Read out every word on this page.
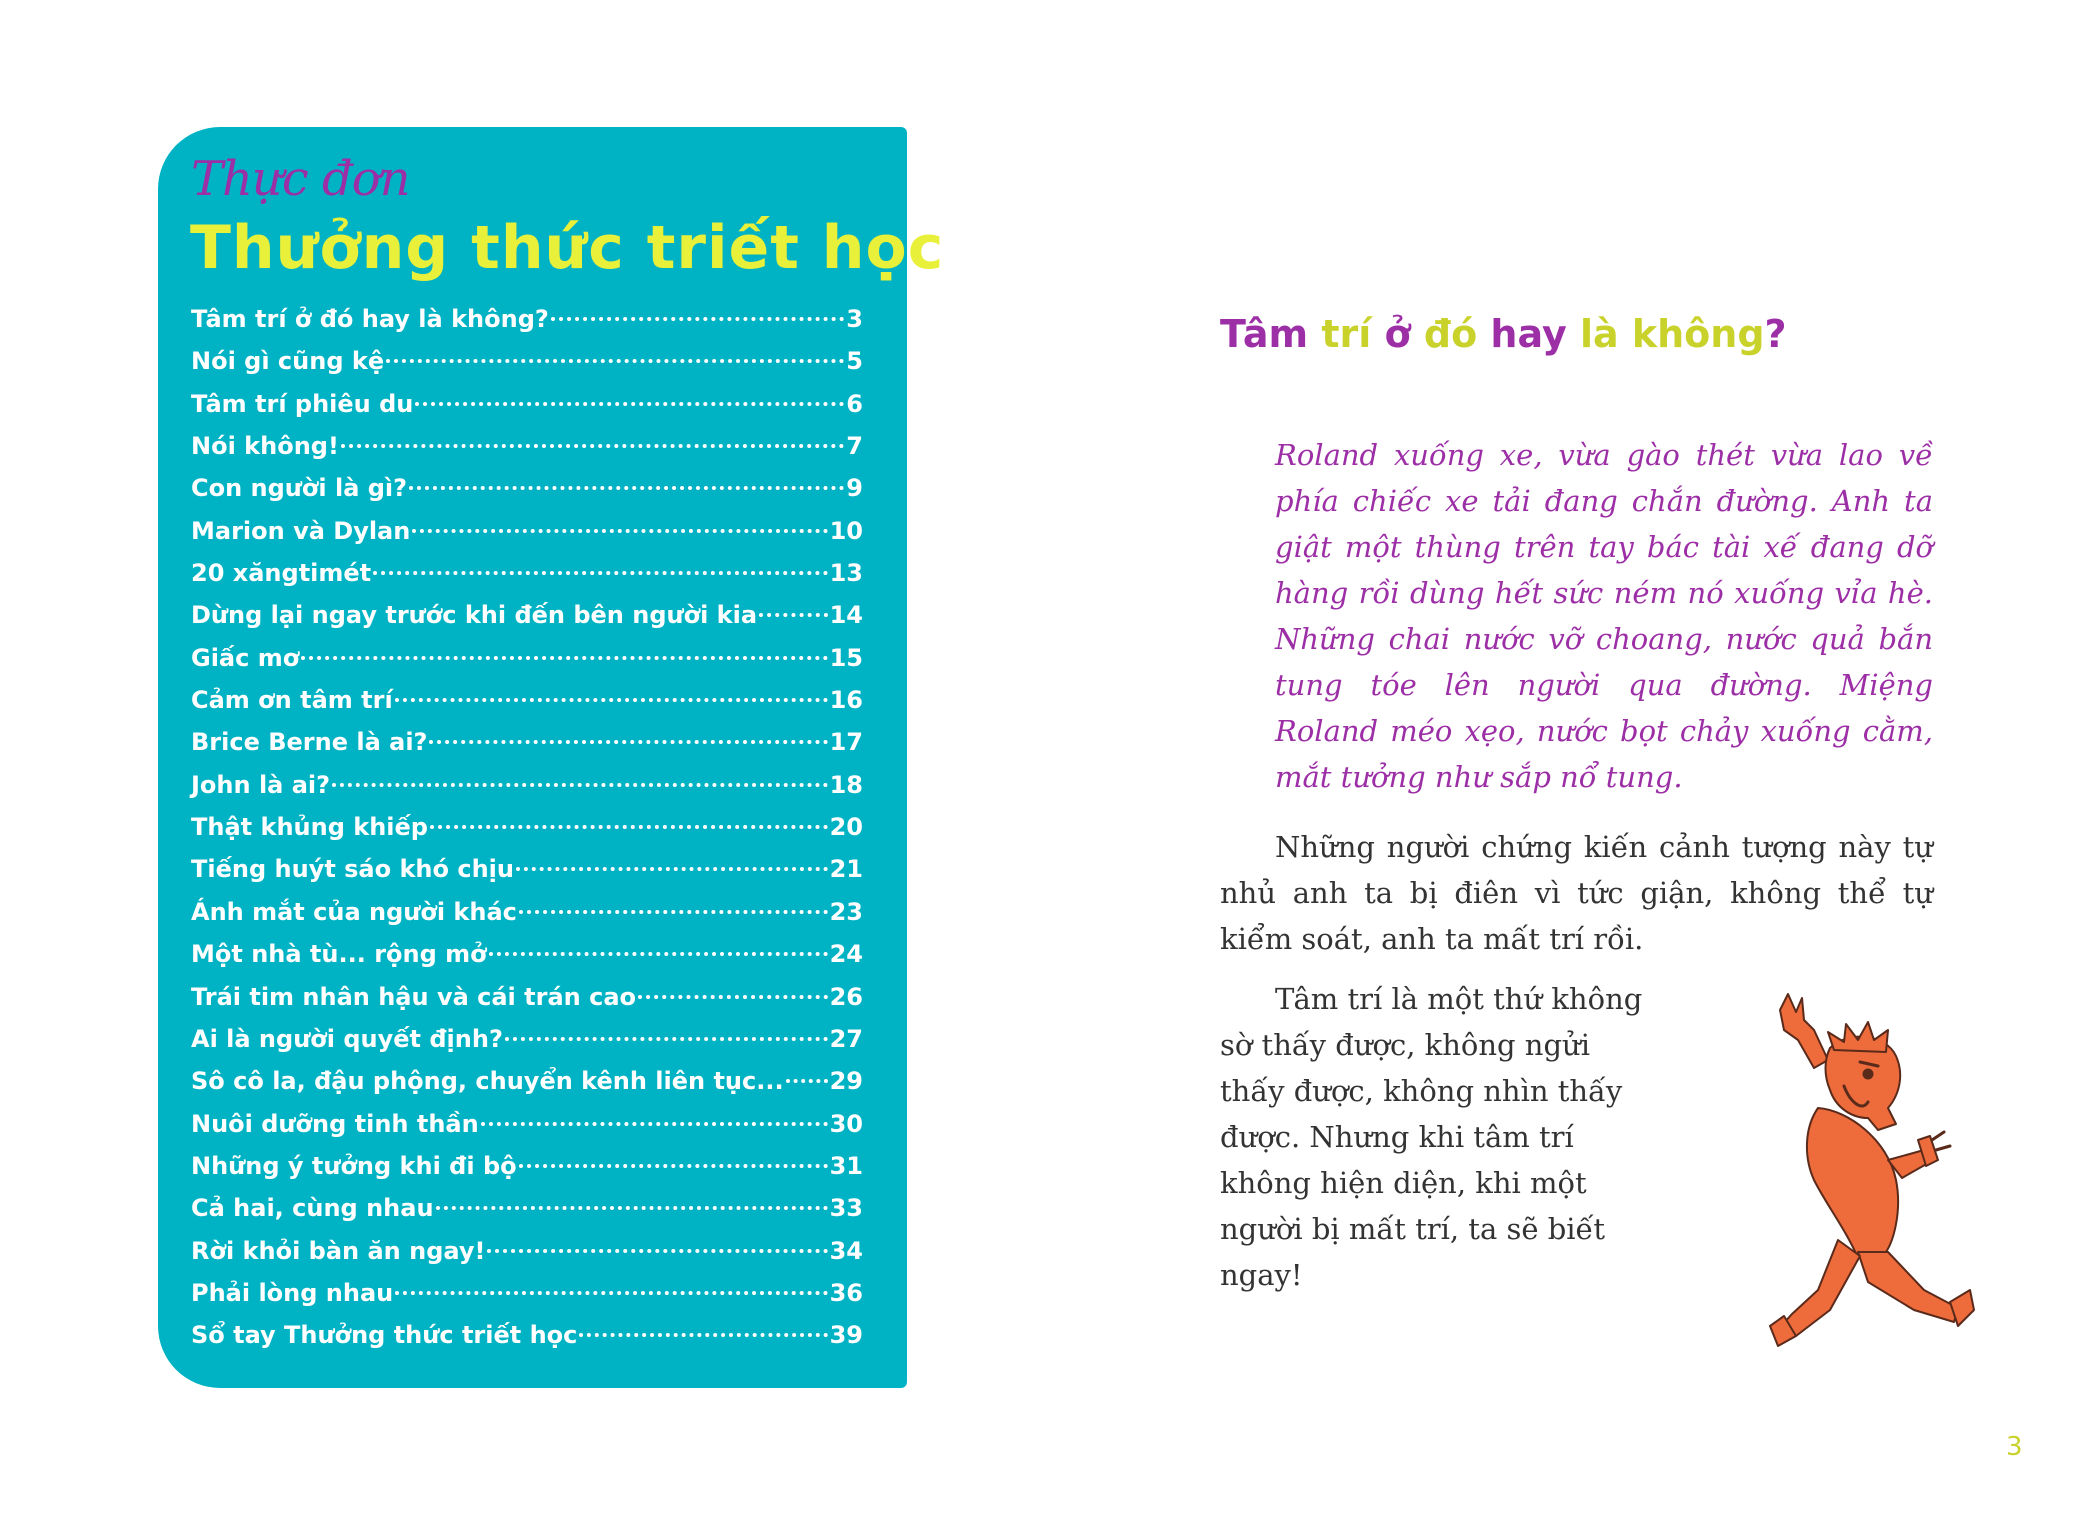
Thực đơn
Thưởng thức triết học
Tâm trí ở đó hay là không?	3
Nói gì cũng kệ	5
Tâm trí phiêu du	6
Nói không!	7
Con người là gì?	9
Marion và Dylan	10
20 xăngtimét	13
Dừng lại ngay trước khi đến bên người kia	14
Giấc mơ	15
Cảm ơn tâm trí	16
Brice Berne là ai?	17
John là ai?	18
Thật khủng khiếp	20
Tiếng huýt sáo khó chịu	21
Ánh mắt của người khác	23
Một nhà tù... rộng mở	24
Trái tim nhân hậu và cái trán cao	26
Ai là người quyết định?	27
Sô cô la, đậu phộng, chuyển kênh liên tục... 29
Nuôi dưỡng tinh thần	30
Những ý tưởng khi đi bộ	31
Cả hai, cùng nhau	33
Rời khỏi bàn ăn ngay!	34
Phải lòng nhau	36
Sổ tay Thưởng thức triết học	39
Tâm trí ở đó hay là không?

Roland xuống xe, vừa gào thét vừa lao về phía chiếc xe tải đang chắn đường. Anh ta giật một thùng trên tay bác tài xế đang dỡ hàng rồi dùng hết sức ném nó xuống vỉa hè. Những chai nước vỡ choang, nước quả bắn tung tóe lên người qua đường. Miệng Roland méo xẹo, nước bọt chảy xuống cằm, mắt tưởng như sắp nổ tung.

Những người chứng kiến cảnh tượng này tự nhủ anh ta bị điên vì tức giận, không thể tự kiểm soát, anh ta mất trí rồi.

Tâm trí là một thứ không sờ thấy được, không ngửi thấy được, không nhìn thấy được. Nhưng khi tâm trí không hiện diện, khi một người bị mất trí, ta sẽ biết ngay!

3
